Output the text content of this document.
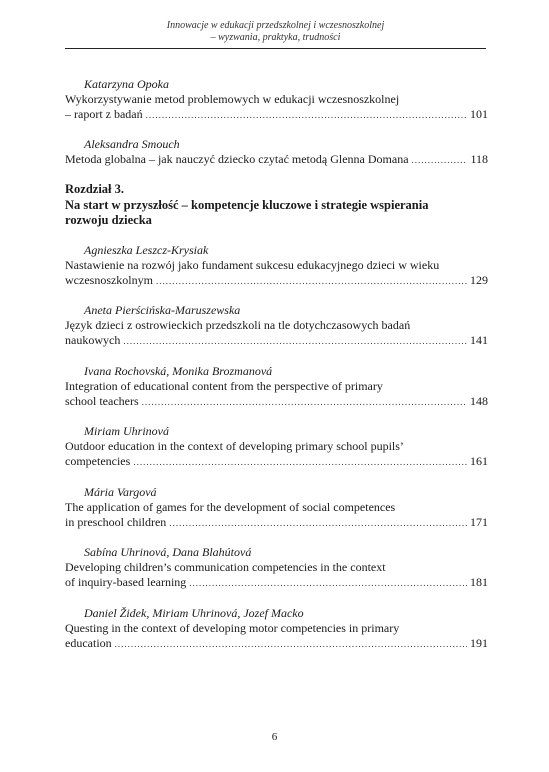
Innowacje w edukacji przedszkolnej i wczesnoszkolnej
– wyzwania, praktyka, trudności
Katarzyna Opoka
Wykorzystywanie metod problemowych w edukacji wczesnoszkolnej
– raport z badań .....	101
Aleksandra Smouch
Metoda globalna – jak nauczyć dziecko czytać metodą Glenna Domana .....	118
Rozdział 3.
Na start w przyszłość – kompetencje kluczowe i strategie wspierania
rozwoju dziecka
Agnieszka Leszcz-Krysiak
Nastawienie na rozwój jako fundament sukcesu edukacyjnego dzieci w wieku
wczesnoszkolnym .....	129
Aneta Pierścińska-Maruszewska
Język dzieci z ostrowieckich przedszkoli na tle dotychczasowych badań
naukowych .....	141
Ivana Rochovská, Monika Brozmanová
Integration of educational content from the perspective of primary
school teachers .....	148
Miriam Uhrinová
Outdoor education in the context of developing primary school pupils’
competencies .....	161
Mária Vargová
The application of games for the development of social competences
in preschool children .....	171
Sabína Uhrinová, Dana Blahútová
Developing children’s communication competencies in the context
of inquiry-based learning .....	181
Daniel Židek, Miriam Uhrinová, Jozef Macko
Questing in the context of developing motor competencies in primary
education .....	191
6
